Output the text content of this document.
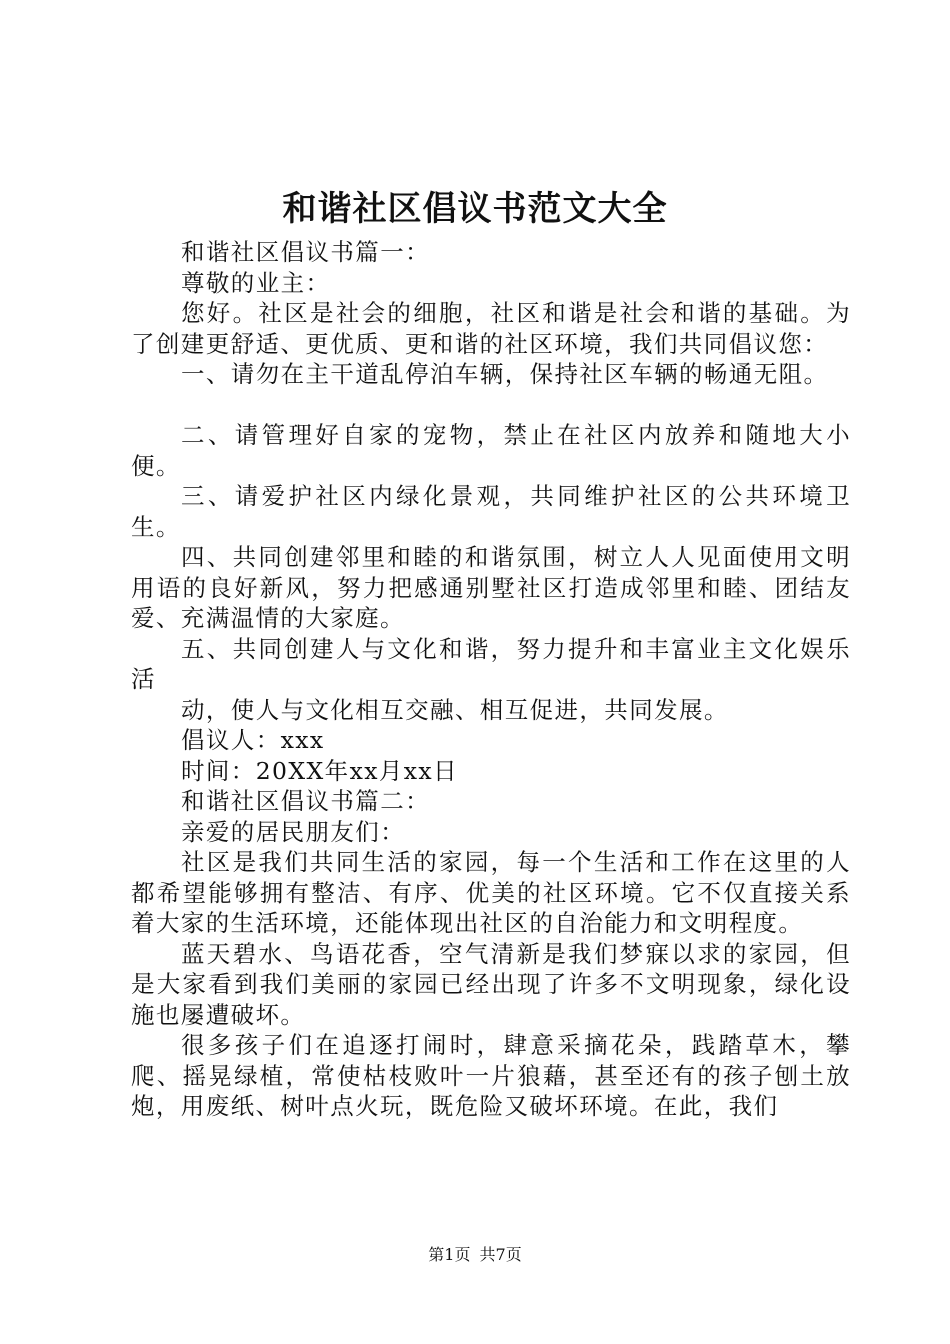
和谐社区倡议书范文大全

和谐社区倡议书篇一：

尊敬的业主：

您好。社区是社会的细胞，社区和谐是社会和谐的基础。为了创建更舒适、更优质、更和谐的社区环境，我们共同倡议您：

一、请勿在主干道乱停泊车辆，保持社区车辆的畅通无阻。

二、请管理好自家的宠物，禁止在社区内放养和随地大小便。

三、请爱护社区内绿化景观，共同维护社区的公共环境卫生。

四、共同创建邻里和睦的和谐氛围，树立人人见面使用文明用语的良好新风，努力把感通别墅社区打造成邻里和睦、团结友爱、充满温情的大家庭。

五、共同创建人与文化和谐，努力提升和丰富业主文化娱乐活

动，使人与文化相互交融、相互促进，共同发展。

倡议人：xxx

时间：20XX年xx月xx日

和谐社区倡议书篇二：

亲爱的居民朋友们：

社区是我们共同生活的家园，每一个生活和工作在这里的人都希望能够拥有整洁、有序、优美的社区环境。它不仅直接关系着大家的生活环境，还能体现出社区的自治能力和文明程度。

蓝天碧水、鸟语花香，空气清新是我们梦寐以求的家园，但是大家看到我们美丽的家园已经出现了许多不文明现象，绿化设施也屡遭破坏。

很多孩子们在追逐打闹时，肆意采摘花朵，践踏草木，攀爬、摇晃绿植，常使枯枝败叶一片狼藉，甚至还有的孩子刨土放炮，用废纸、树叶点火玩，既危险又破坏环境。在此，我们

第1页 共7页
